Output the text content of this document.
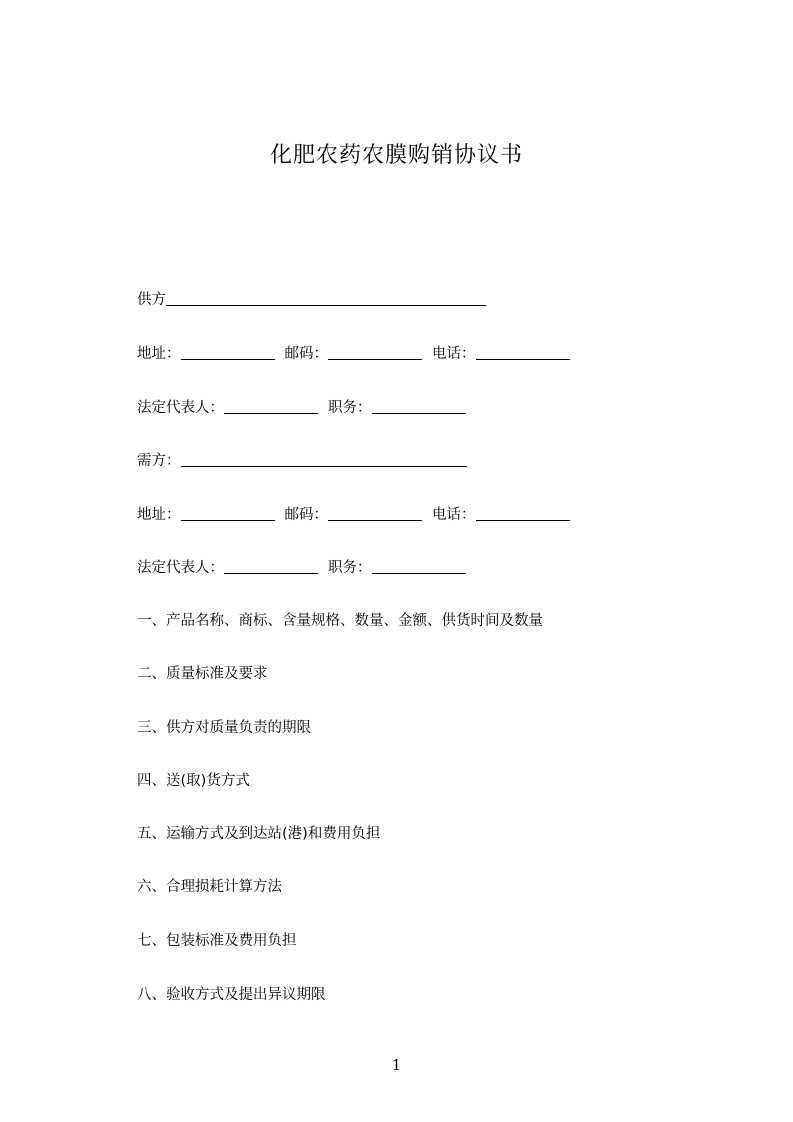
化肥农药农膜购销协议书
供方
地址：	邮码：	电话：
法定代表人：	职务：
需方：
地址：	邮码：	电话：
法定代表人：	职务：
一、产品名称、商标、含量规格、数量、金额、供货时间及数量
二、质量标准及要求
三、供方对质量负责的期限
四、送(取)货方式
五、运输方式及到达站(港)和费用负担
六、合理损耗计算方法
七、包装标准及费用负担
八、验收方式及提出异议期限
1
